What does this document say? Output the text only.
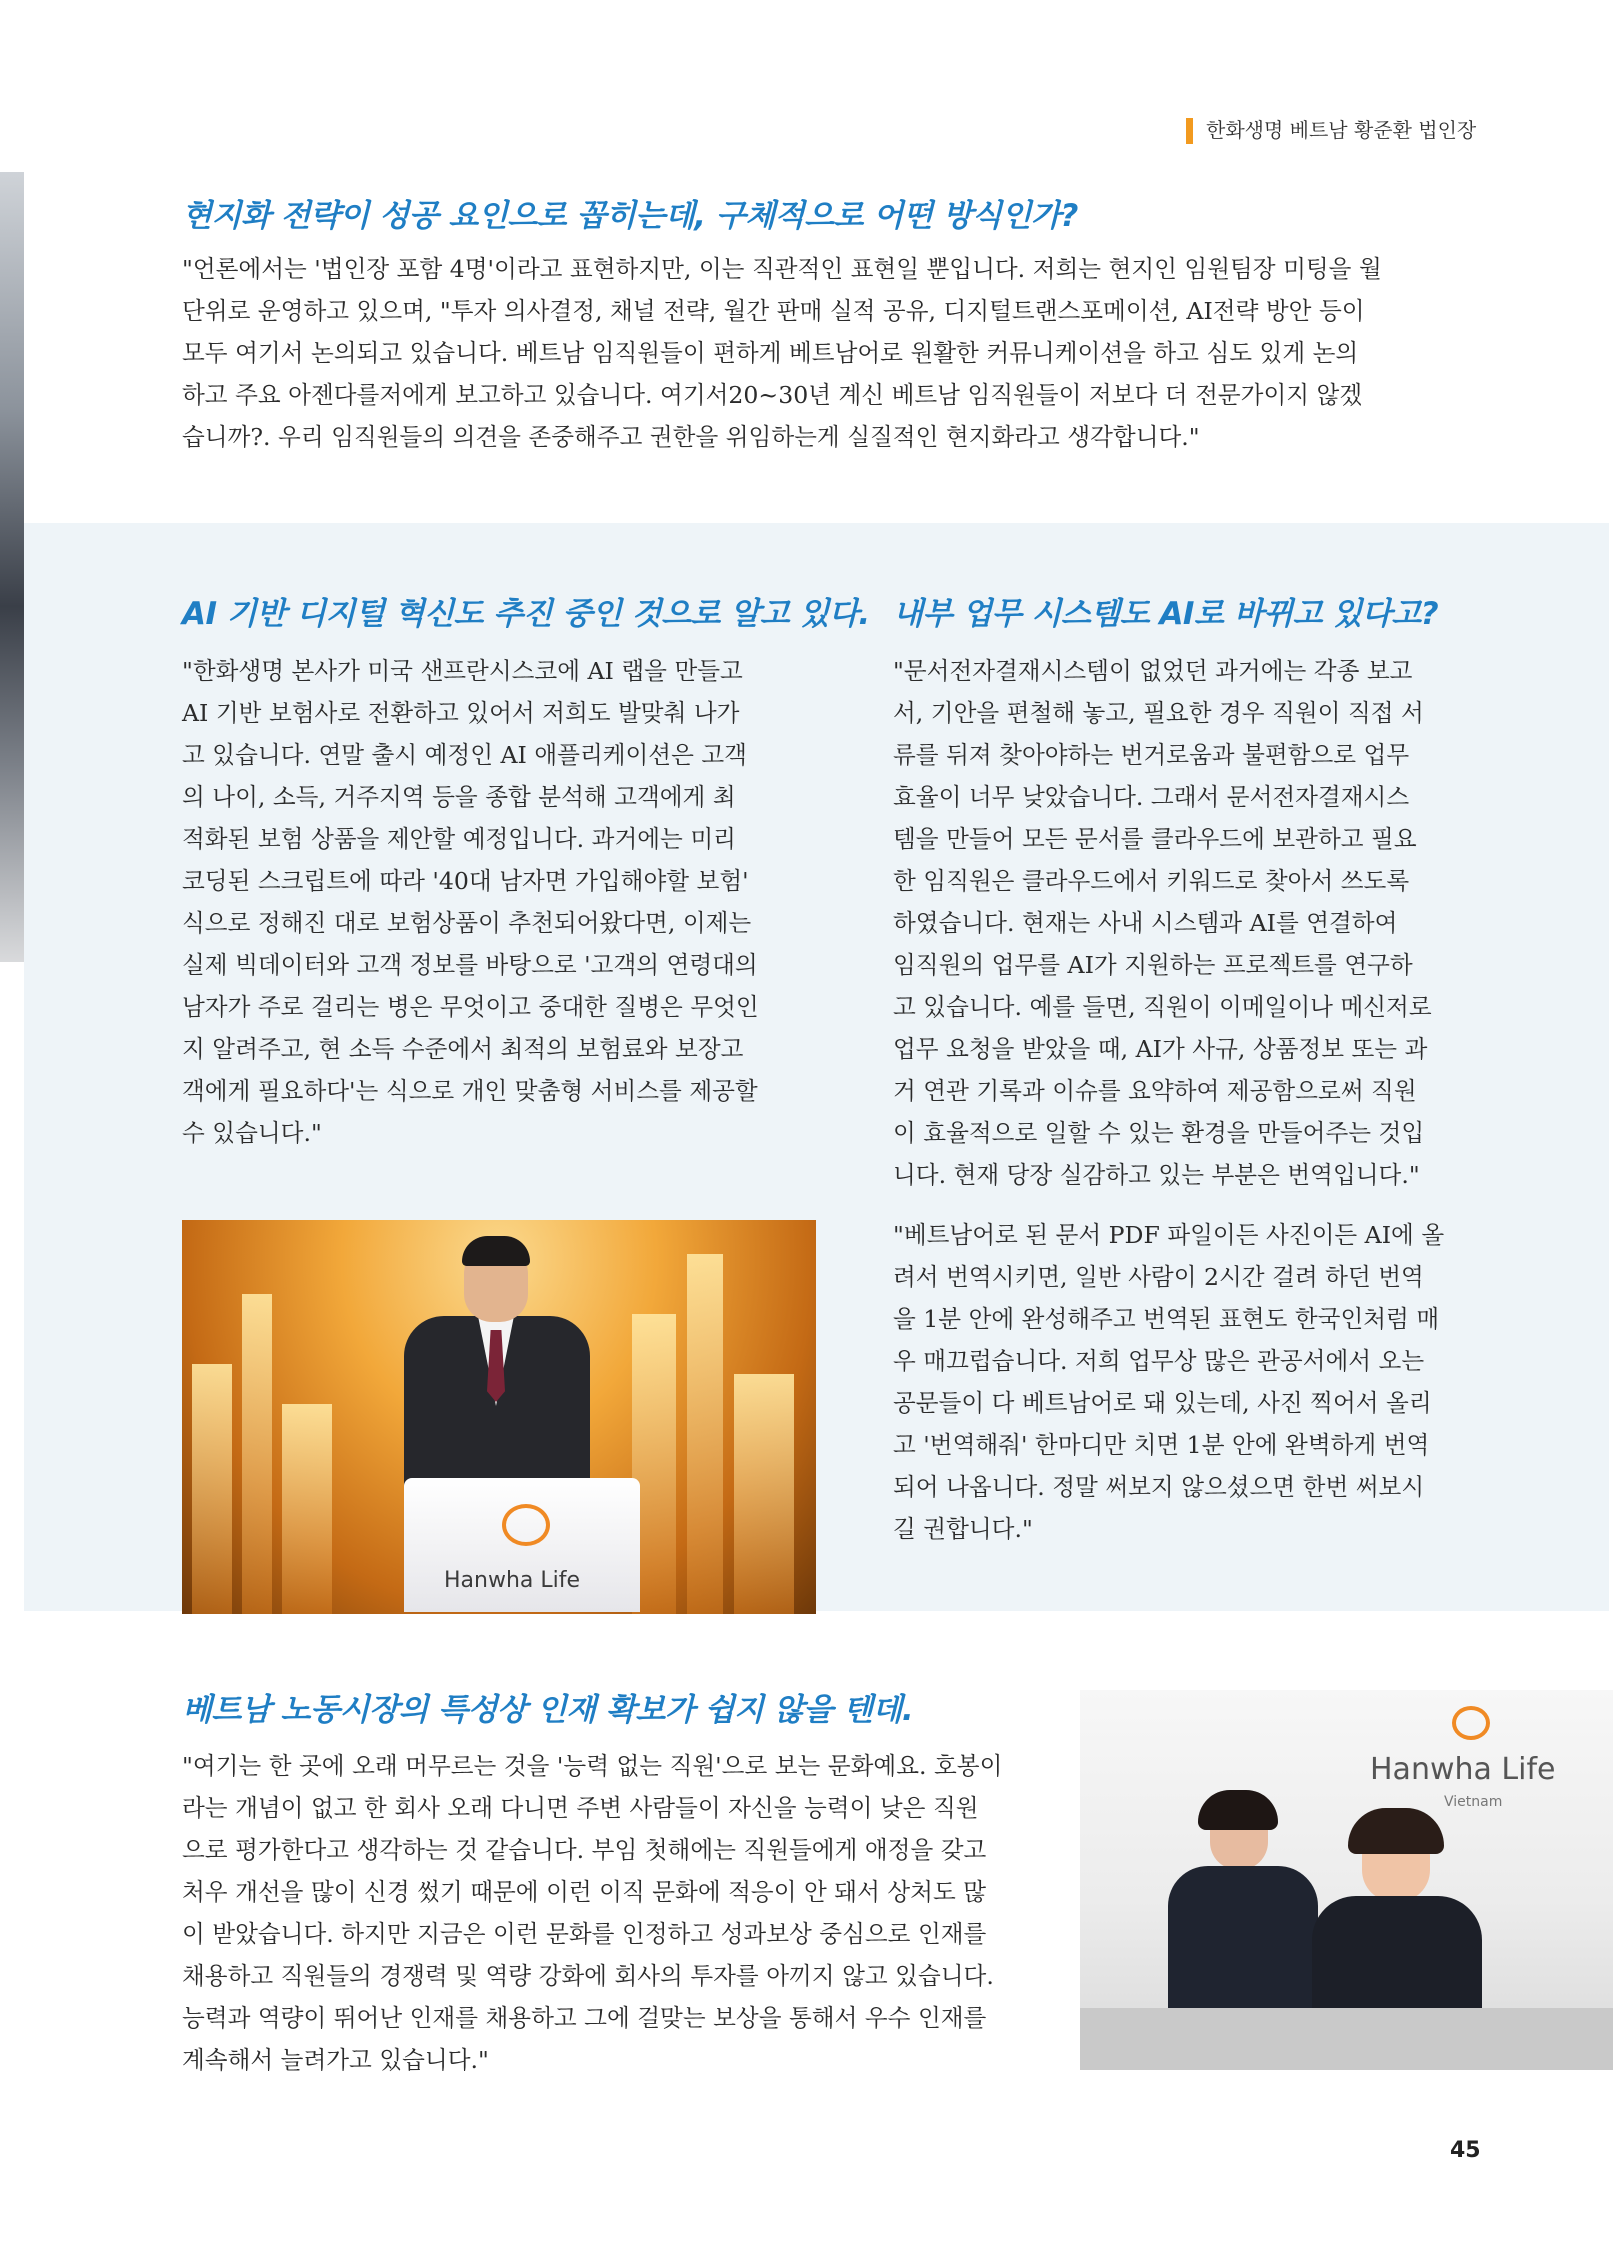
한화생명 베트남 황준환 법인장
현지화 전략이 성공 요인으로 꼽히는데, 구체적으로 어떤 방식인가?
"언론에서는 '법인장 포함 4명'이라고 표현하지만, 이는 직관적인 표현일 뿐입니다. 저희는 현지인 임원팀장 미팅을 월
단위로 운영하고 있으며, "투자 의사결정, 채널 전략, 월간 판매 실적 공유, 디지털트랜스포메이션, AI전략 방안 등이
모두 여기서 논의되고 있습니다. 베트남 임직원들이 편하게 베트남어로 원활한 커뮤니케이션을 하고 심도 있게 논의
하고 주요 아젠다를저에게 보고하고 있습니다. 여기서20~30년 계신 베트남 임직원들이 저보다 더 전문가이지 않겠
습니까?. 우리 임직원들의 의견을 존중해주고 권한을 위임하는게 실질적인 현지화라고 생각합니다."
AI 기반 디지털 혁신도 추진 중인 것으로 알고 있다.
"한화생명 본사가 미국 샌프란시스코에 AI 랩을 만들고
AI 기반 보험사로 전환하고 있어서 저희도 발맞춰 나가
고 있습니다. 연말 출시 예정인 AI 애플리케이션은 고객
의 나이, 소득, 거주지역 등을 종합 분석해 고객에게 최
적화된 보험 상품을 제안할 예정입니다. 과거에는 미리
코딩된 스크립트에 따라 '40대 남자면 가입해야할 보험'
식으로 정해진 대로 보험상품이 추천되어왔다면, 이제는
실제 빅데이터와 고객 정보를 바탕으로 '고객의 연령대의
남자가 주로 걸리는 병은 무엇이고 중대한 질병은 무엇인
지 알려주고, 현 소득 수준에서 최적의 보험료와 보장고
객에게 필요하다'는 식으로 개인 맞춤형 서비스를 제공할
수 있습니다."
내부 업무 시스템도 AI로 바뀌고 있다고?
"문서전자결재시스템이 없었던 과거에는 각종 보고
서, 기안을 편철해 놓고, 필요한 경우 직원이 직접 서
류를 뒤져 찾아야하는 번거로움과 불편함으로 업무
효율이 너무 낮았습니다. 그래서 문서전자결재시스
템을 만들어 모든 문서를 클라우드에 보관하고 필요
한 임직원은 클라우드에서 키워드로 찾아서 쓰도록
하였습니다. 현재는 사내 시스템과 AI를 연결하여
임직원의 업무를 AI가 지원하는 프로젝트를 연구하
고 있습니다. 예를 들면, 직원이 이메일이나 메신저로
업무 요청을 받았을 때, AI가 사규, 상품정보 또는 과
거 연관 기록과 이슈를 요약하여 제공함으로써 직원
이 효율적으로 일할 수 있는 환경을 만들어주는 것입
니다. 현재 당장 실감하고 있는 부분은 번역입니다."
"베트남어로 된 문서 PDF 파일이든 사진이든 AI에 올
려서 번역시키면, 일반 사람이 2시간 걸려 하던 번역
을 1분 안에 완성해주고 번역된 표현도 한국인처럼 매
우 매끄럽습니다. 저희 업무상 많은 관공서에서 오는
공문들이 다 베트남어로 돼 있는데, 사진 찍어서 올리
고 '번역해줘' 한마디만 치면 1분 안에 완벽하게 번역
되어 나옵니다. 정말 써보지 않으셨으면 한번 써보시
길 권합니다."
Hanwha Life
베트남 노동시장의 특성상 인재 확보가 쉽지 않을 텐데.
"여기는 한 곳에 오래 머무르는 것을 '능력 없는 직원'으로 보는 문화예요. 호봉이
라는 개념이 없고 한 회사 오래 다니면 주변 사람들이 자신을 능력이 낮은 직원
으로 평가한다고 생각하는 것 같습니다. 부임 첫해에는 직원들에게 애정을 갖고
처우 개선을 많이 신경 썼기 때문에 이런 이직 문화에 적응이 안 돼서 상처도 많
이 받았습니다. 하지만 지금은 이런 문화를 인정하고 성과보상 중심으로 인재를
채용하고 직원들의 경쟁력 및 역량 강화에 회사의 투자를 아끼지 않고 있습니다.
능력과 역량이 뛰어난 인재를 채용하고 그에 걸맞는 보상을 통해서 우수 인재를
계속해서 늘려가고 있습니다."
Hanwha Life
Vietnam
45
